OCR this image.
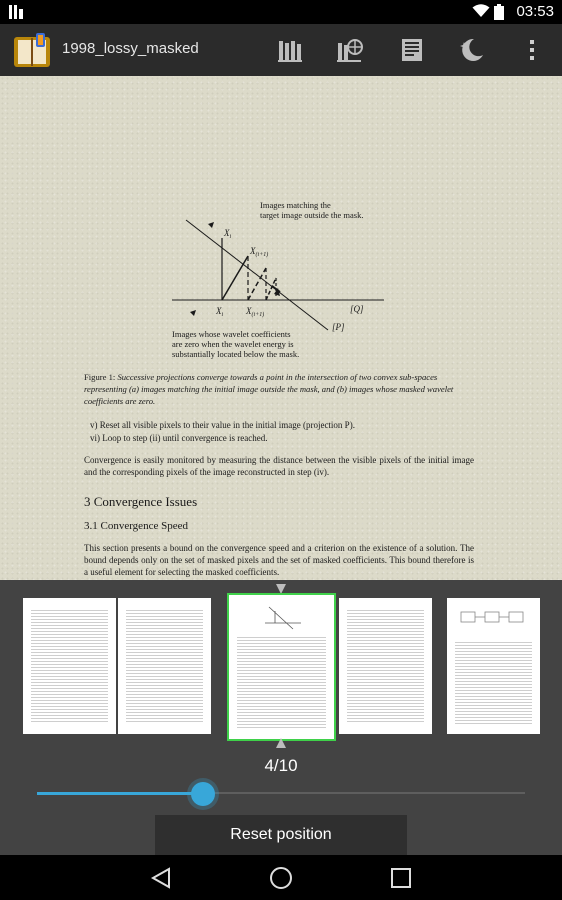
03:53
1998_lossy_masked
Images matching the
target image outside the mask.
$X_i$
$X_{(i+1)}$
$X_i$	$X_{(i+1)}$
[Q]
[P]
Images whose wavelet coefficients
are zero when the wavelet energy is
substantially located below the mask.
Figure 1: Successive projections converge towards a point in the intersection of two convex sub-spaces representing (a) images matching the initial image outside the mask, and (b) images whose masked wavelet coefficients are zero.
v) Reset all visible pixels to their value in the initial image (projection P).
vi) Loop to step (ii) until convergence is reached.
Convergence is easily monitored by measuring the distance between the visible pixels of the initial image and the corresponding pixels of the image reconstructed in step (iv).
3 Convergence Issues
3.1 Convergence Speed
This section presents a bound on the convergence speed and a criterion on the existence of a solution. The bound depends only on the set of masked pixels and the set of masked coefficients. This bound therefore is a useful element for selecting the masked coefficients.
4/10
Reset position
